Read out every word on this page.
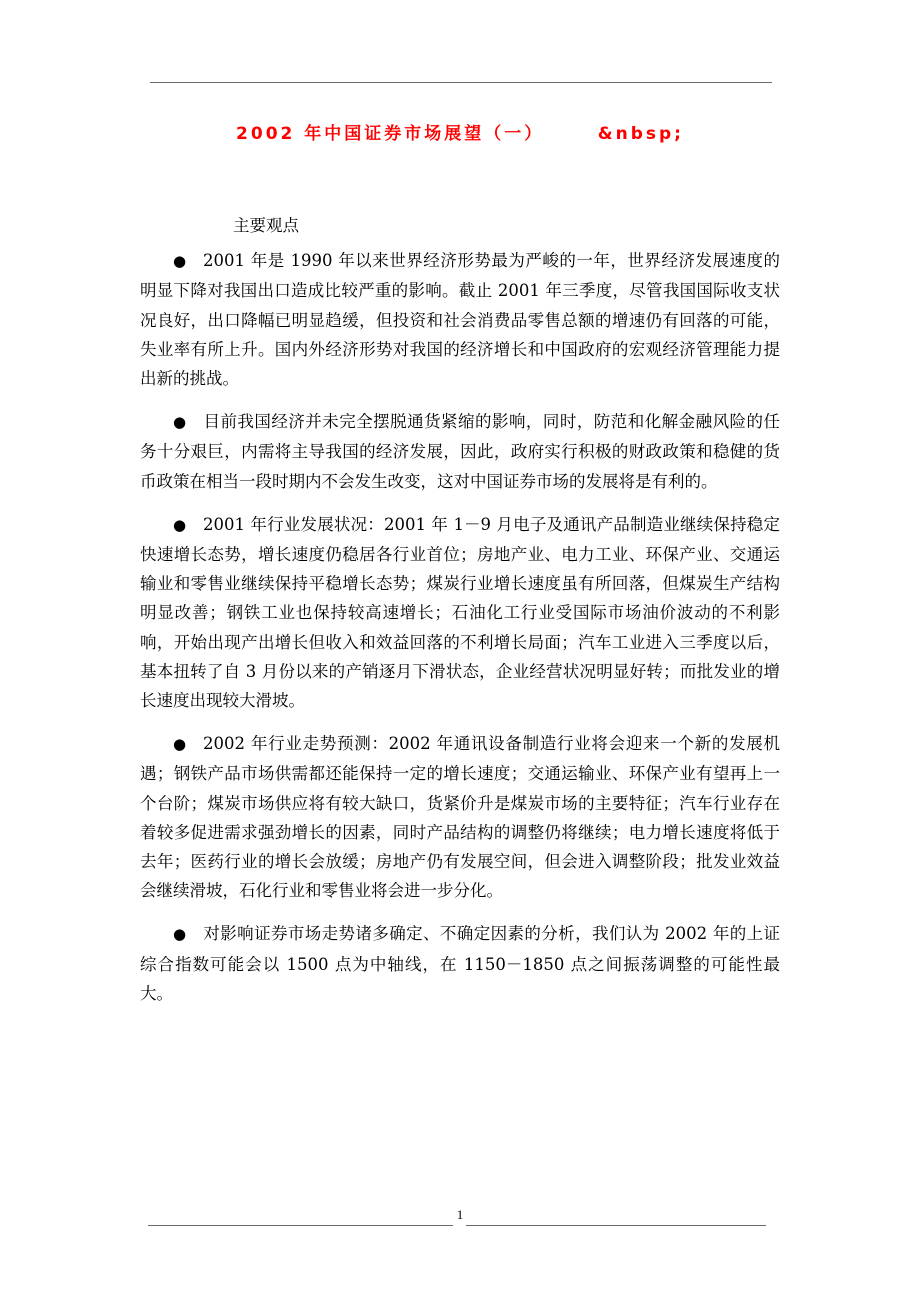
2002 年中国证券市场展望（一）      &nbsp;

主要观点

● 2001 年是 1990 年以来世界经济形势最为严峻的一年，世界经济发展速度的明显下降对我国出口造成比较严重的影响。截止 2001 年三季度，尽管我国国际收支状况良好，出口降幅已明显趋缓，但投资和社会消费品零售总额的增速仍有回落的可能，失业率有所上升。国内外经济形势对我国的经济增长和中国政府的宏观经济管理能力提出新的挑战。

● 目前我国经济并未完全摆脱通货紧缩的影响，同时，防范和化解金融风险的任务十分艰巨，内需将主导我国的经济发展，因此，政府实行积极的财政政策和稳健的货币政策在相当一段时期内不会发生改变，这对中国证券市场的发展将是有利的。

● 2001 年行业发展状况：2001 年 1－9 月电子及通讯产品制造业继续保持稳定快速增长态势，增长速度仍稳居各行业首位；房地产业、电力工业、环保产业、交通运输业和零售业继续保持平稳增长态势；煤炭行业增长速度虽有所回落，但煤炭生产结构明显改善；钢铁工业也保持较高速增长；石油化工行业受国际市场油价波动的不利影响，开始出现产出增长但收入和效益回落的不利增长局面；汽车工业进入三季度以后，基本扭转了自 3 月份以来的产销逐月下滑状态，企业经营状况明显好转；而批发业的增长速度出现较大滑坡。

● 2002 年行业走势预测：2002 年通讯设备制造行业将会迎来一个新的发展机遇；钢铁产品市场供需都还能保持一定的增长速度；交通运输业、环保产业有望再上一个台阶；煤炭市场供应将有较大缺口，货紧价升是煤炭市场的主要特征；汽车行业存在着较多促进需求强劲增长的因素，同时产品结构的调整仍将继续；电力增长速度将低于去年；医药行业的增长会放缓；房地产仍有发展空间，但会进入调整阶段；批发业效益会继续滑坡，石化行业和零售业将会进一步分化。

● 对影响证券市场走势诸多确定、不确定因素的分析，我们认为 2002 年的上证综合指数可能会以 1500 点为中轴线，在 1150－1850 点之间振荡调整的可能性最大。

1
